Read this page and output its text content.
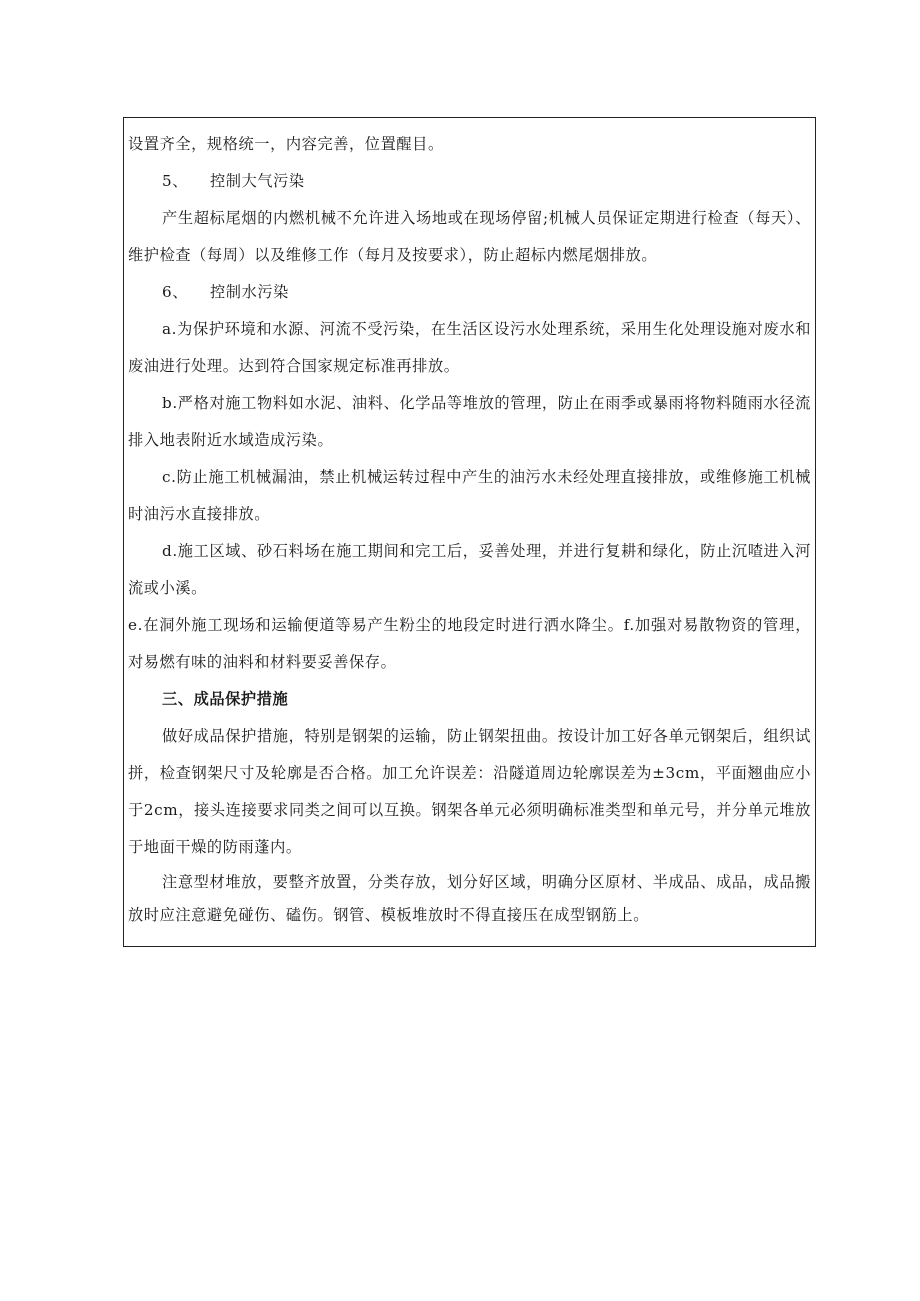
设置齐全，规格统一，内容完善，位置醒目。

5、 控制大气污染

产生超标尾烟的内燃机械不允许进入场地或在现场停留;机械人员保证定期进行检查（每天）、维护检查（每周）以及维修工作（每月及按要求），防止超标内燃尾烟排放。

6、 控制水污染

a.为保护环境和水源、河流不受污染，在生活区设污水处理系统，采用生化处理设施对废水和废油进行处理。达到符合国家规定标准再排放。

b.严格对施工物料如水泥、油料、化学品等堆放的管理，防止在雨季或暴雨将物料随雨水径流排入地表附近水域造成污染。

c.防止施工机械漏油，禁止机械运转过程中产生的油污水未经处理直接排放，或维修施工机械时油污水直接排放。

d.施工区域、砂石料场在施工期间和完工后，妥善处理，并进行复耕和绿化，防止沉喳进入河流或小溪。

e.在洞外施工现场和运输便道等易产生粉尘的地段定时进行洒水降尘。f.加强对易散物资的管理，对易燃有味的油料和材料要妥善保存。

三、成品保护措施

做好成品保护措施，特别是钢架的运输，防止钢架扭曲。按设计加工好各单元钢架后，组织试拼，检查钢架尺寸及轮廓是否合格。加工允许误差：沿隧道周边轮廓误差为±3cm，平面翘曲应小于2cm，接头连接要求同类之间可以互换。钢架各单元必须明确标准类型和单元号，并分单元堆放于地面干燥的防雨蓬内。

注意型材堆放，要整齐放置，分类存放，划分好区域，明确分区原材、半成品、成品，成品搬放时应注意避免碰伤、磕伤。钢管、模板堆放时不得直接压在成型钢筋上。
